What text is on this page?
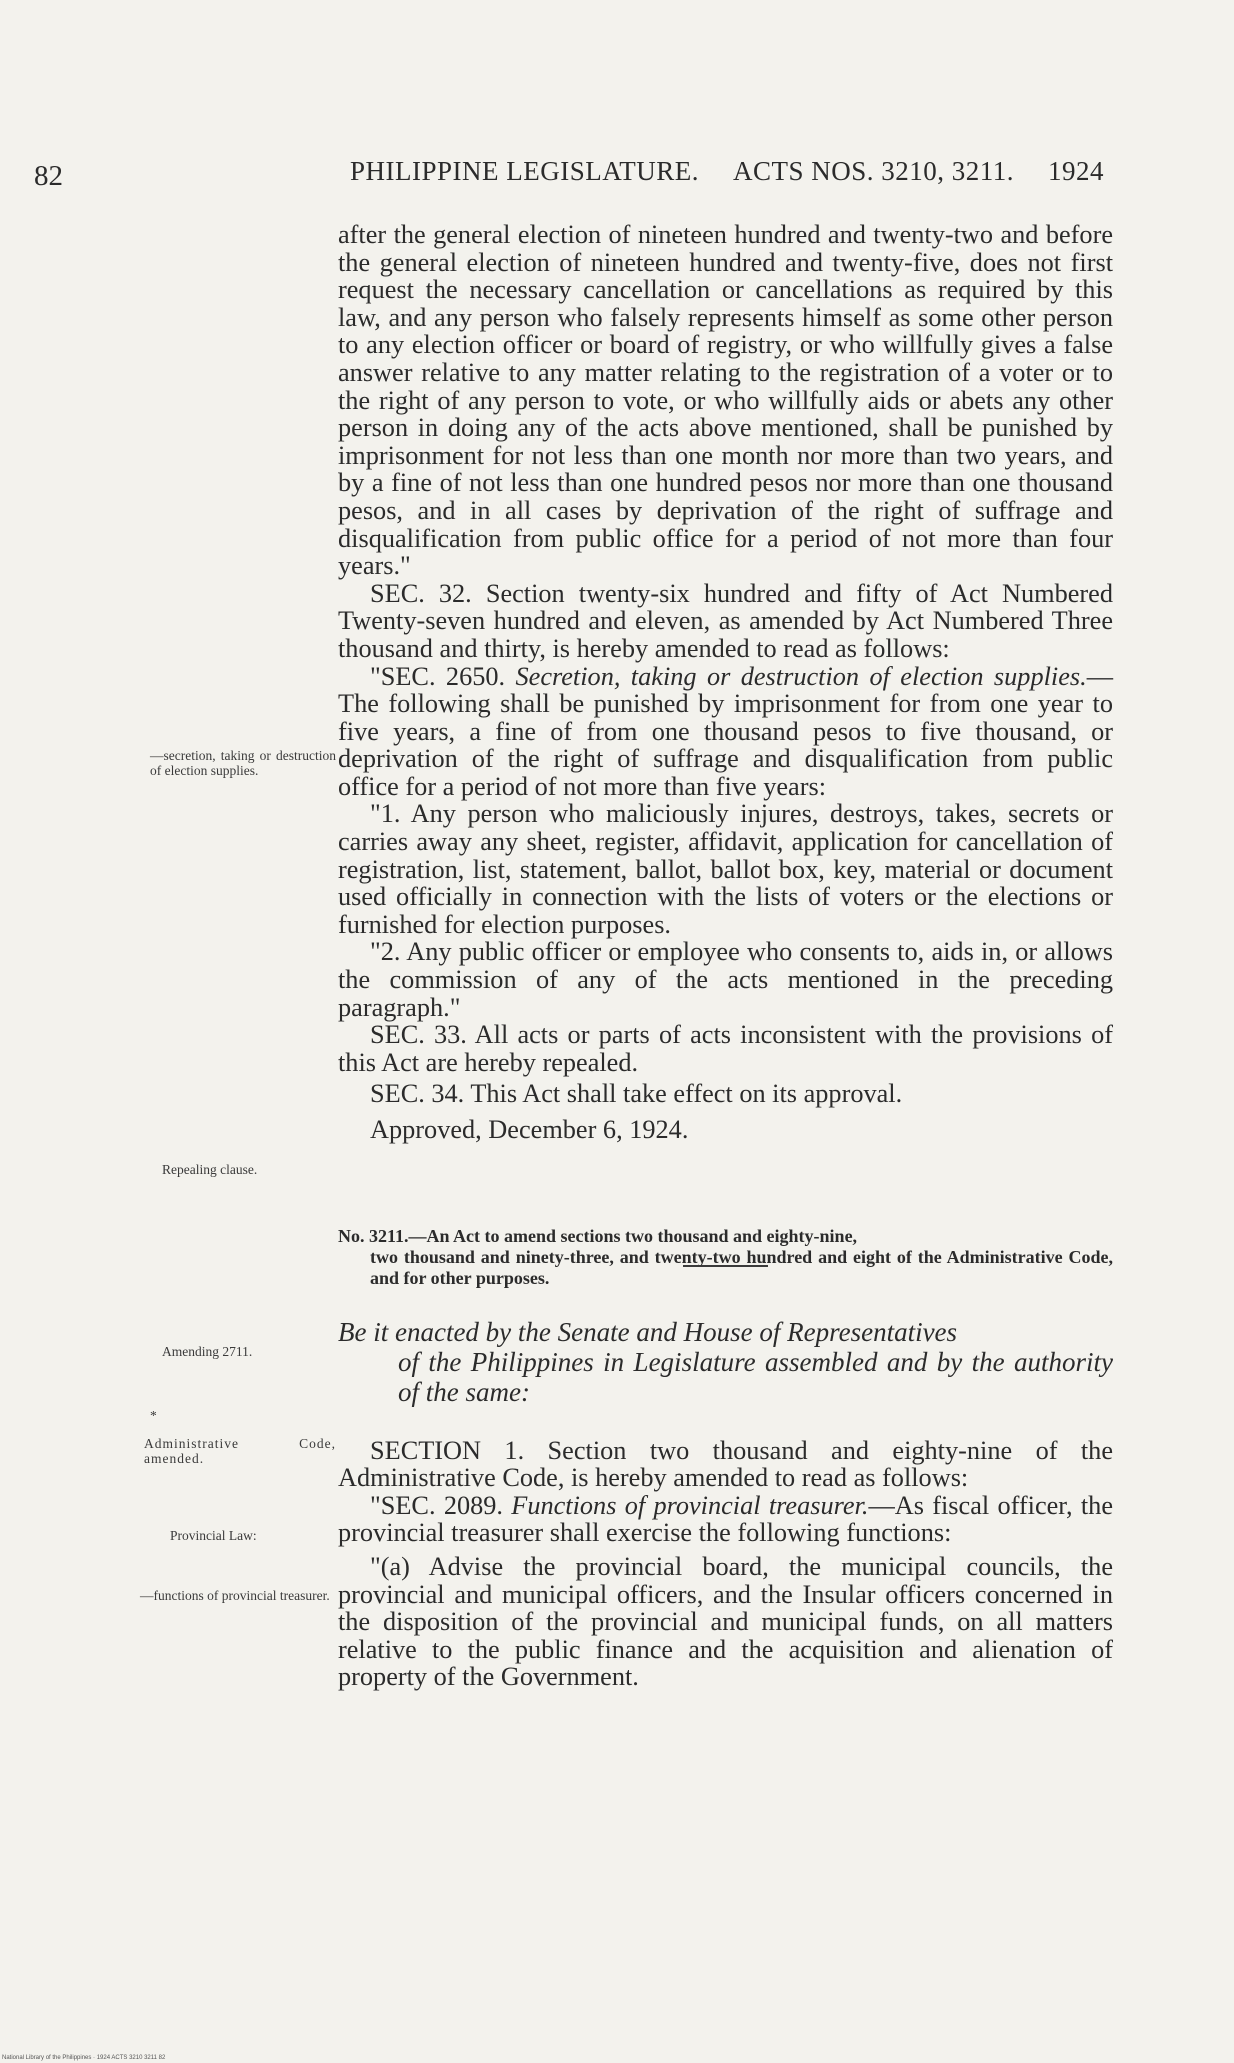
82	PHILIPPINE LEGISLATURE. ACTS NOS. 3210, 3211. 1924
—secretion, taking or destruction of election supplies.
Repealing clause.
Amending 2711.
*
Administrative Code, amended.
Provincial Law:
—functions of provincial treasurer.

after the general election of nineteen hundred and twenty-two and before the general election of nineteen hundred and twenty-five, does not first request the necessary cancellation or cancellations as required by this law, and any person who falsely represents himself as some other person to any election officer or board of registry, or who willfully gives a false answer relative to any matter relating to the registration of a voter or to the right of any person to vote, or who willfully aids or abets any other person in doing any of the acts above mentioned, shall be punished by imprisonment for not less than one month nor more than two years, and by a fine of not less than one hundred pesos nor more than one thousand pesos, and in all cases by deprivation of the right of suffrage and disqualification from public office for a period of not more than four years."

SEC. 32. Section twenty-six hundred and fifty of Act Numbered Twenty-seven hundred and eleven, as amended by Act Numbered Three thousand and thirty, is hereby amended to read as follows:

"SEC. 2650. Secretion, taking or destruction of election supplies.—The following shall be punished by imprisonment for from one year to five years, a fine of from one thousand pesos to five thousand, or deprivation of the right of suffrage and disqualification from public office for a period of not more than five years:

"1. Any person who maliciously injures, destroys, takes, secrets or carries away any sheet, register, affidavit, application for cancellation of registration, list, statement, ballot, ballot box, key, material or document used officially in connection with the lists of voters or the elections or furnished for election purposes.

"2. Any public officer or employee who consents to, aids in, or allows the commission of any of the acts mentioned in the preceding paragraph."

SEC. 33. All acts or parts of acts inconsistent with the provisions of this Act are hereby repealed.

SEC. 34. This Act shall take effect on its approval.

Approved, December 6, 1924.

No. 3211.—An Act to amend sections two thousand and eighty-nine,
two thousand and ninety-three, and twenty-two hundred and eight of the Administrative Code, and for other purposes.

Be it enacted by the Senate and House of Representatives
of the Philippines in Legislature assembled and by the authority of the same:

SECTION 1. Section two thousand and eighty-nine of the Administrative Code, is hereby amended to read as follows:

"SEC. 2089. Functions of provincial treasurer.—As fiscal officer, the provincial treasurer shall exercise the following functions:

"(a) Advise the provincial board, the municipal councils, the provincial and municipal officers, and the Insular officers concerned in the disposition of the provincial and municipal funds, on all matters relative to the public finance and the acquisition and alienation of property of the Government.

National Library of the Philippines · 1924 ACTS 3210 3211 82
